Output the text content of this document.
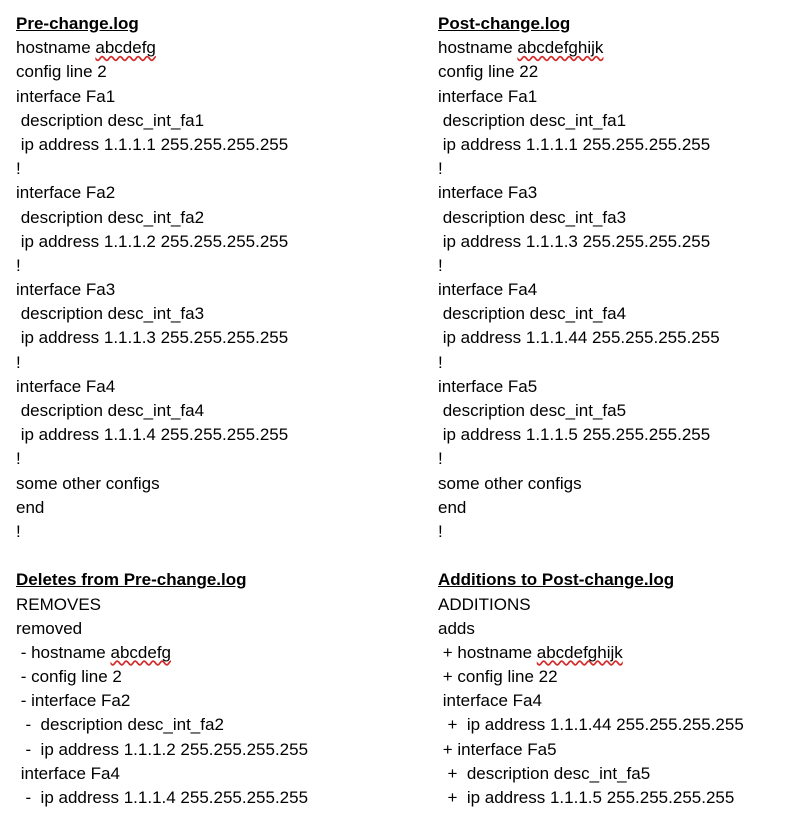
Pre-change.log
hostname abcdefg
config line 2
interface Fa1
description desc_int_fa1
ip address 1.1.1.1 255.255.255.255
!
interface Fa2
description desc_int_fa2
ip address 1.1.1.2 255.255.255.255
!
interface Fa3
description desc_int_fa3
ip address 1.1.1.3 255.255.255.255
!
interface Fa4
description desc_int_fa4
ip address 1.1.1.4 255.255.255.255
!
some other configs
end
!
Deletes from Pre-change.log
REMOVES
removed
- hostname abcdefg
- config line 2
- interface Fa2
-  description desc_int_fa2
-  ip address 1.1.1.2 255.255.255.255
interface Fa4
-  ip address 1.1.1.4 255.255.255.255
Post-change.log
hostname abcdefghijk
config line 22
interface Fa1
description desc_int_fa1
ip address 1.1.1.1 255.255.255.255
!
interface Fa3
description desc_int_fa3
ip address 1.1.1.3 255.255.255.255
!
interface Fa4
description desc_int_fa4
ip address 1.1.1.44 255.255.255.255
!
interface Fa5
description desc_int_fa5
ip address 1.1.1.5 255.255.255.255
!
some other configs
end
!
Additions to Post-change.log
ADDITIONS
adds
+ hostname abcdefghijk
+ config line 22
interface Fa4
+  ip address 1.1.1.44 255.255.255.255
+ interface Fa5
+  description desc_int_fa5
+  ip address 1.1.1.5 255.255.255.255
